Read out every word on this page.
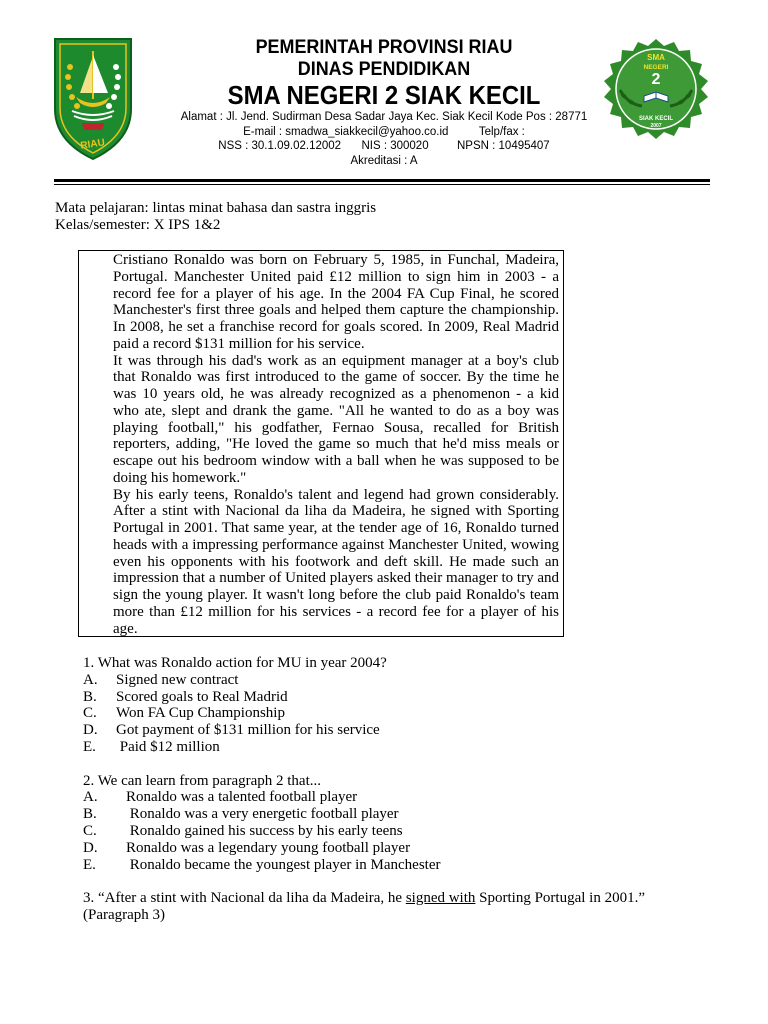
RIAU
SMA
NEGERI
2
SIAK KECIL
2007
PEMERINTAH PROVINSI RIAU
DINAS PENDIDIKAN
SMA NEGERI 2 SIAK KECIL
Alamat : Jl. Jend. Sudirman Desa Sadar Jaya Kec. Siak Kecil Kode Pos : 28771
E-mail : smadwa_siakkecil@yahoo.co.id	Telp/fax :
NSS : 30.1.09.02.12002 NIS : 300020 NPSN : 10495407
Akreditasi : A
Mata pelajaran: lintas minat bahasa dan sastra inggris
Kelas/semester: X IPS 1&2

Cristiano Ronaldo was born on February 5, 1985, in Funchal, Madeira, Portugal. Manchester United paid £12 million to sign him in 2003 - a record fee for a player of his age. In the 2004 FA Cup Final, he scored Manchester's first three goals and helped them capture the championship. In 2008, he set a franchise record for goals scored. In 2009, Real Madrid paid a record $131 million for his service.

It was through his dad's work as an equipment manager at a boy's club that Ronaldo was first introduced to the game of soccer. By the time he was 10 years old, he was already recognized as a phenomenon - a kid who ate, slept and drank the game. "All he wanted to do as a boy was playing football," his godfather, Fernao Sousa, recalled for British reporters, adding, "He loved the game so much that he'd miss meals or escape out his bedroom window with a ball when he was supposed to be doing his homework."

By his early teens, Ronaldo's talent and legend had grown considerably. After a stint with Nacional da liha da Madeira, he signed with Sporting Portugal in 2001. That same year, at the tender age of 16, Ronaldo turned heads with a impressing performance against Manchester United, wowing even his opponents with his footwork and deft skill. He made such an impression that a number of United players asked their manager to try and sign the young player. It wasn't long before the club paid Ronaldo's team more than £12 million for his services - a record fee for a player of his age.

1. What was Ronaldo action for MU in year 2004?
A.	Signed new contract
B.	Scored goals to Real Madrid
C.	Won FA Cup Championship
D.	Got payment of $131 million for his service
E.	Paid $12 million
2. We can learn from paragraph 2 that...
A.	Ronaldo was a talented football player
B.	Ronaldo was a very energetic football player
C.	Ronaldo gained his success by his early teens
D.	Ronaldo was a legendary young football player
E.	Ronaldo became the youngest player in Manchester
3. “After a stint with Nacional da liha da Madeira, he signed with Sporting Portugal in 2001.”
(Paragraph 3)
